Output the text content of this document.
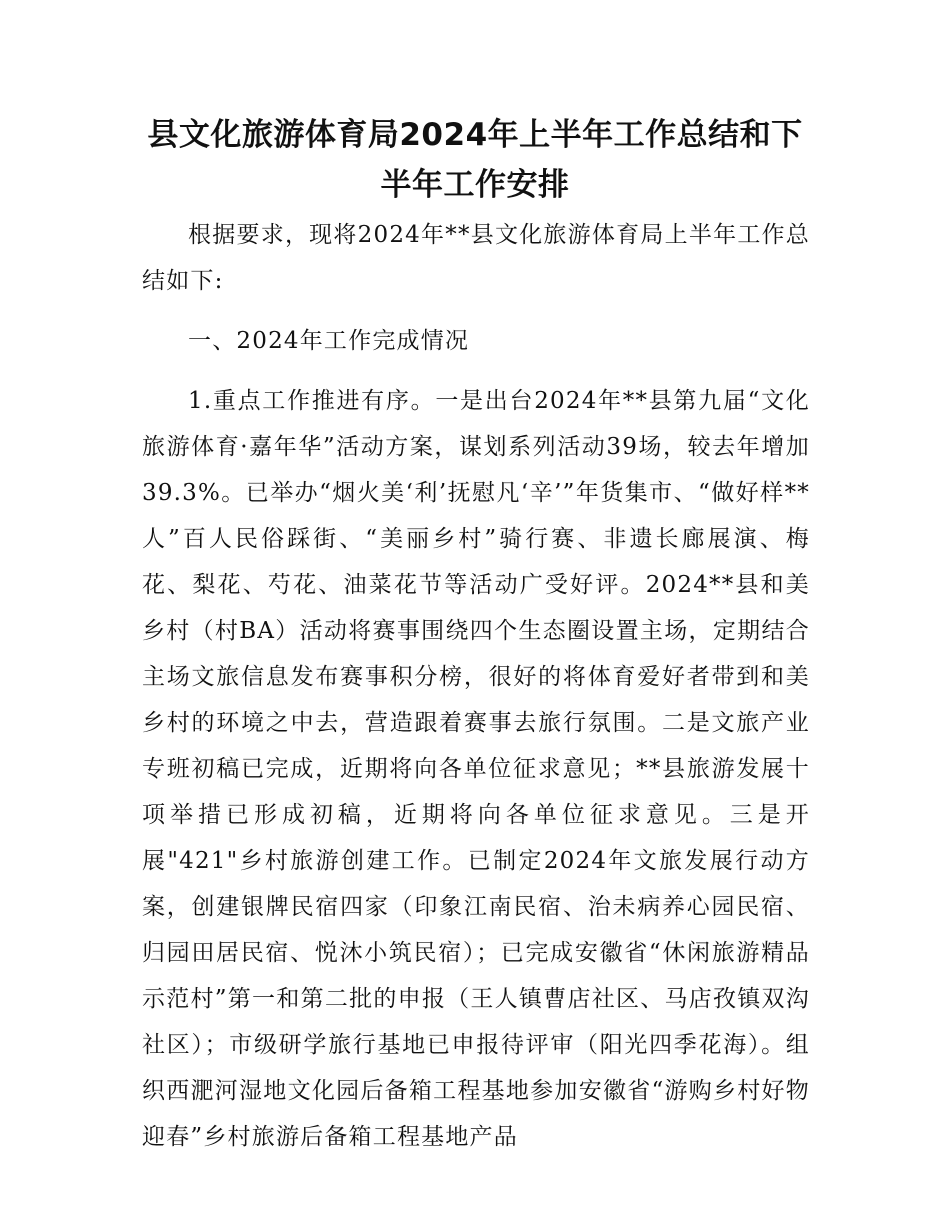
县文化旅游体育局2024年上半年工作总结和下半年工作安排

根据要求，现将2024年**县文化旅游体育局上半年工作总结如下:

一、2024年工作完成情况

1.重点工作推进有序。一是出台2024年**县第九届“文化旅游体育·嘉年华”活动方案，谋划系列活动39场，较去年增加39.3%。已举办“烟火美‘利’抚慰凡‘辛’”年货集市、“做好样**人”百人民俗踩街、“美丽乡村”骑行赛、非遗长廊展演、梅花、梨花、芍花、油菜花节等活动广受好评。2024**县和美乡村（村BA）活动将赛事围绕四个生态圈设置主场，定期结合主场文旅信息发布赛事积分榜，很好的将体育爱好者带到和美乡村的环境之中去，营造跟着赛事去旅行氛围。二是文旅产业专班初稿已完成，近期将向各单位征求意见；**县旅游发展十项举措已形成初稿，近期将向各单位征求意见。三是开展"421"乡村旅游创建工作。已制定2024年文旅发展行动方案，创建银牌民宿四家（印象江南民宿、治未病养心园民宿、归园田居民宿、悦沐小筑民宿）；已完成安徽省“休闲旅游精品示范村”第一和第二批的申报（王人镇曹店社区、马店孜镇双沟社区）；市级研学旅行基地已申报待评审（阳光四季花海）。组织西淝河湿地文化园后备箱工程基地参加安徽省“游购乡村好物迎春”乡村旅游后备箱工程基地产品
